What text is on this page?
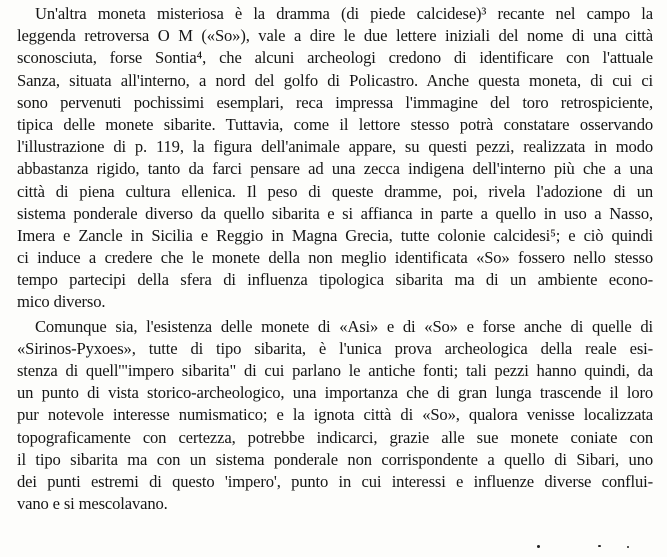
Un'altra moneta misteriosa è la dramma (di piede calcidese)³ recante nel campo la
leggenda retroversa O M («So»), vale a dire le due lettere iniziali del nome di una città
sconosciuta, forse Sontia⁴, che alcuni archeologi credono di identificare con l'attuale
Sanza, situata all'interno, a nord del golfo di Policastro. Anche questa moneta, di cui ci
sono pervenuti pochissimi esemplari, reca impressa l'immagine del toro retrospiciente,
tipica delle monete sibarite. Tuttavia, come il lettore stesso potrà constatare osservando
l'illustrazione di p. 119, la figura dell'animale appare, su questi pezzi, realizzata in modo
abbastanza rigido, tanto da farci pensare ad una zecca indigena dell'interno più che a una
città di piena cultura ellenica. Il peso di queste dramme, poi, rivela l'adozione di un
sistema ponderale diverso da quello sibarita e si affianca in parte a quello in uso a Nasso,
Imera e Zancle in Sicilia e Reggio in Magna Grecia, tutte colonie calcidesi⁵; e ciò quindi
ci induce a credere che le monete della non meglio identificata «So» fossero nello stesso
tempo partecipi della sfera di influenza tipologica sibarita ma di un ambiente econo-
mico diverso.
Comunque sia, l'esistenza delle monete di «Asi» e di «So» e forse anche di quelle di
«Sirinos-Pyxoes», tutte di tipo sibarita, è l'unica prova archeologica della reale esi-
stenza di quell'"impero sibarita" di cui parlano le antiche fonti; tali pezzi hanno quindi, da
un punto di vista storico-archeologico, una importanza che di gran lunga trascende il loro
pur notevole interesse numismatico; e la ignota città di «So», qualora venisse localizzata
topograficamente con certezza, potrebbe indicarci, grazie alle sue monete coniate con
il tipo sibarita ma con un sistema ponderale non corrispondente a quello di Sibari, uno
dei punti estremi di questo 'impero', punto in cui interessi e influenze diverse conflui-
vano e si mescolavano.
